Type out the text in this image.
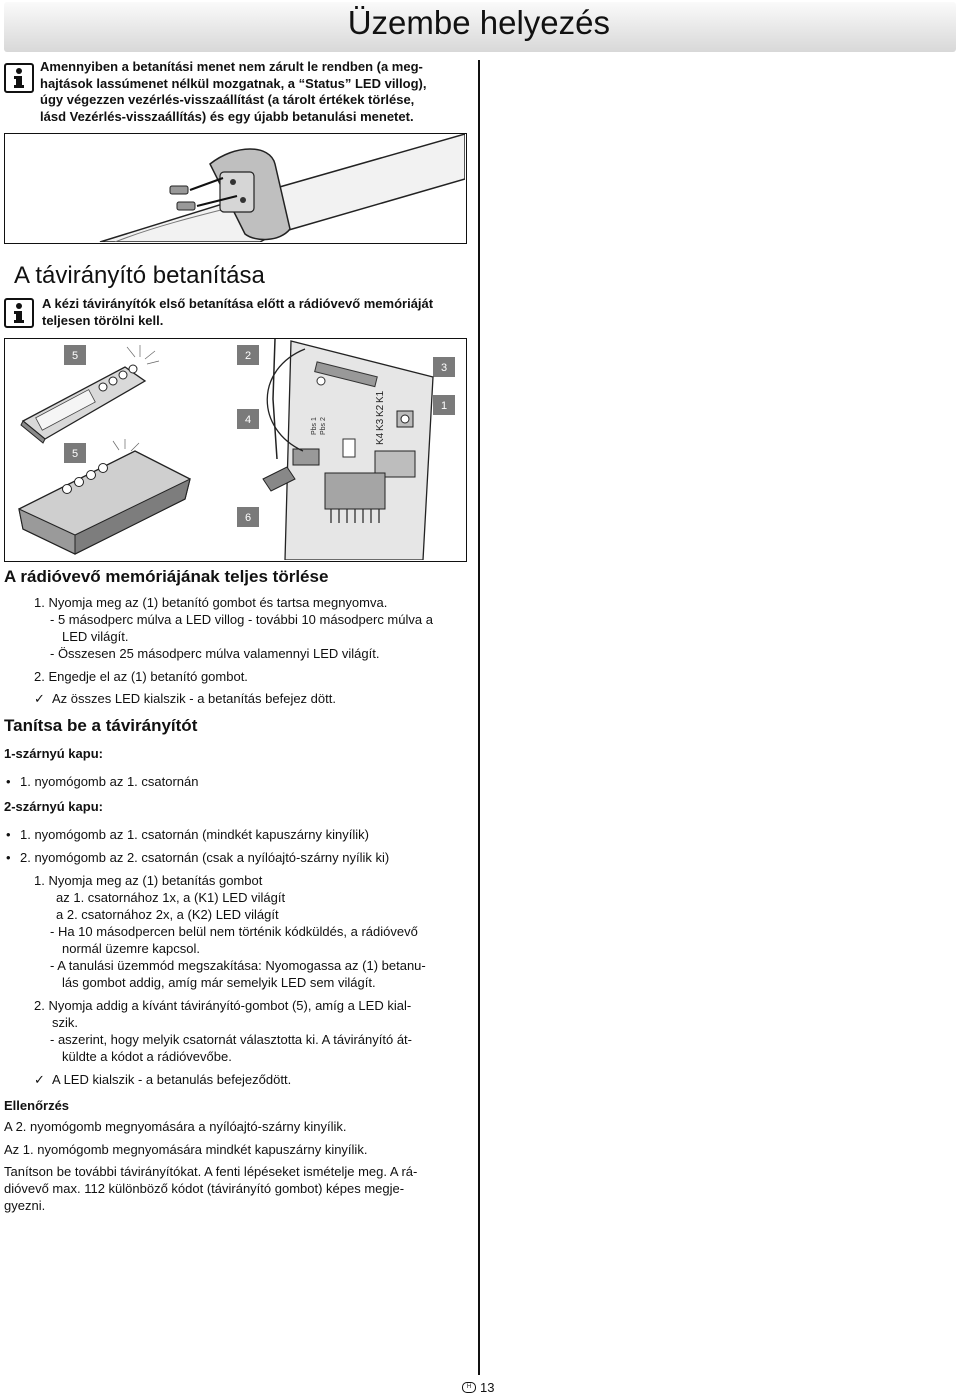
Üzembe helyezés
Amennyiben a betanítási menet nem zárult le rendben (a meg-
hajtások lassúmenet nélkül mozgatnak, a “Status” LED villog),
úgy végezzen vezérlés-visszaállítást (a tárolt értékek törlése,
lásd Vezérlés-visszaállítás) és egy újabb betanulási menetet.
A távirányító betanítása
A kézi távirányítók első betanítása előtt a rádióvevő memóriáját
teljesen törölni kell.
5
5
2
4
6
3
1
K1
K2
K3
K4
Pbs 1 Pbs 2
A rádióvevő memóriájának teljes törlése
1. Nyomja meg az (1) betanító gombot és tartsa megnyomva.
- 5 másodperc múlva a LED villog - további 10 másodperc múlva a
LED világít.
- Összesen 25 másodperc múlva valamennyi LED világít.
2. Engedje el az (1) betanító gombot.
✓ Az összes LED kialszik - a betanítás befejez dött.
Tanítsa be a távirányítót
1-szárnyú kapu:
• 1. nyomógomb az 1. csatornán
2-szárnyú kapu:
• 1. nyomógomb az 1. csatornán (mindkét kapuszárny kinyílik)
• 2. nyomógomb az 2. csatornán (csak a nyílóajtó-szárny nyílik ki)
1. Nyomja meg az (1) betanítás gombot
az 1. csatornához 1x, a (K1) LED világít
a 2. csatornához 2x, a (K2) LED világít
- Ha 10 másodpercen belül nem történik kódküldés, a rádióvevő
normál üzemre kapcsol.
- A tanulási üzemmód megszakítása: Nyomogassa az (1) betanu-
lás gombot addig, amíg már semelyik LED sem világít.
2. Nyomja addig a kívánt távirányító-gombot (5), amíg a LED kial-
szik.
- aszerint, hogy melyik csatornát választotta ki. A távirányító át-
küldte a kódot a rádióvevőbe.
✓ A LED kialszik - a betanulás befejeződött.
Ellenőrzés
A 2. nyomógomb megnyomására a nyílóajtó-szárny kinyílik.
Az 1. nyomógomb megnyomására mindkét kapuszárny kinyílik.
Tanítson be további távirányítókat. A fenti lépéseket ismételje meg. A rá-
dióvevő max. 112 különböző kódot (távirányító gombot) képes megje-
gyezni.
H 13
